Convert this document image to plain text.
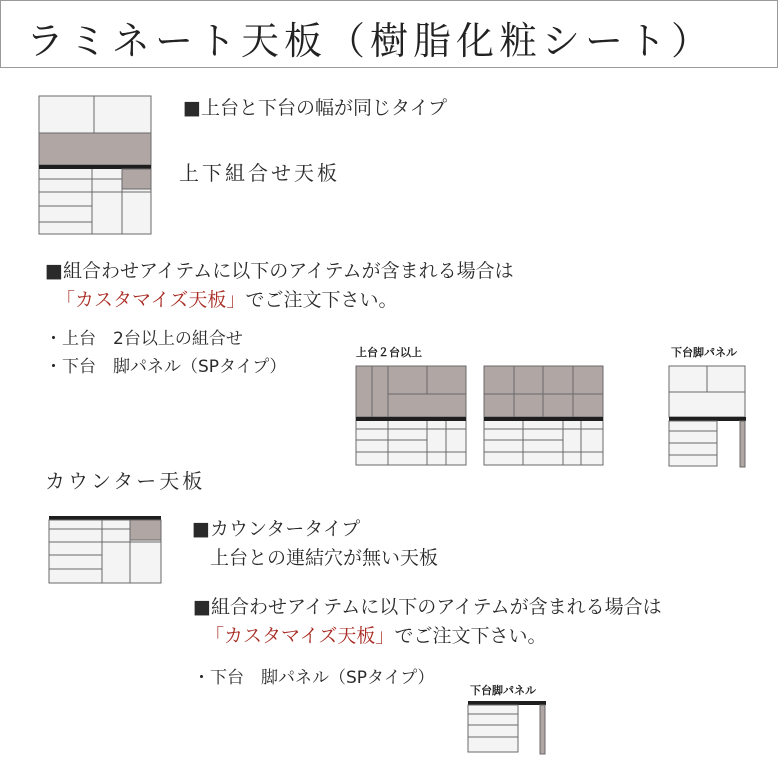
ラミネート天板（樹脂化粧シート）
■上台と下台の幅が同じタイプ
上下組合せ天板
■組合わせアイテムに以下のアイテムが含まれる場合は
「カスタマイズ天板」でご注文下さい。
・上台　2台以上の組合せ
・下台　脚パネル（SPタイプ）
上台２台以上	下台脚パネル
カウンター天板
■カウンタータイプ
上台との連結穴が無い天板
■組合わせアイテムに以下のアイテムが含まれる場合は
「カスタマイズ天板」でご注文下さい。
・下台　脚パネル（SPタイプ）
下台脚パネル
